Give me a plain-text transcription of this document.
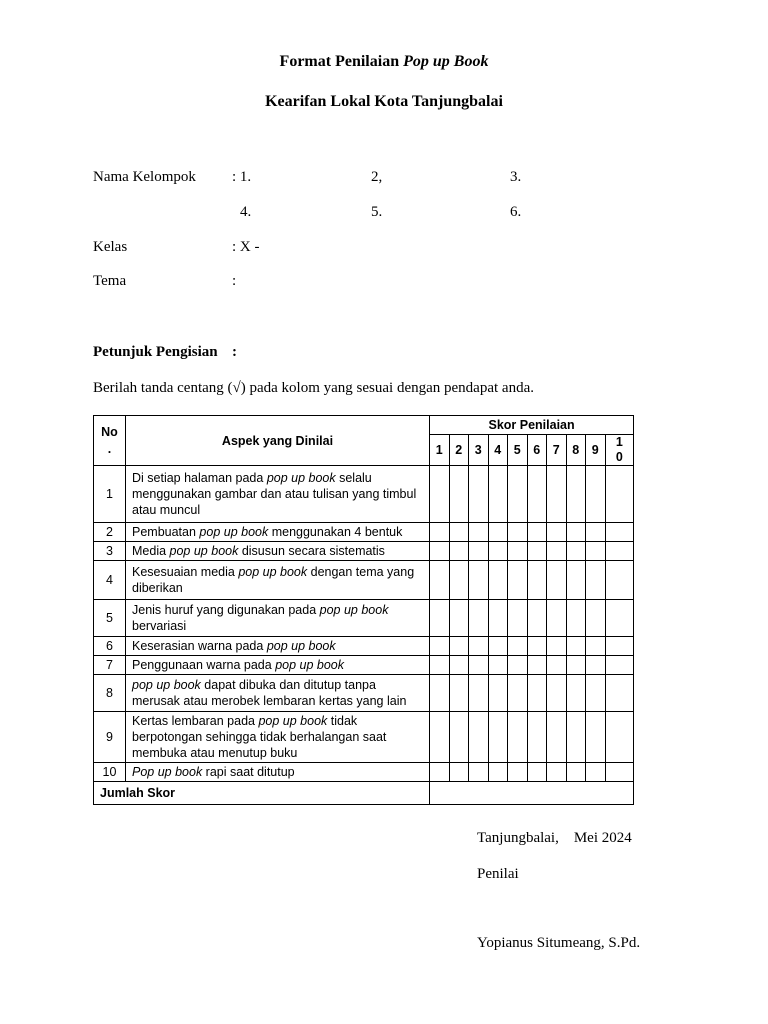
Format Penilaian Pop up Book
Kearifan Lokal Kota Tanjungbalai
Nama Kelompok : 1.	2,	3.
4.	5.	6.
Kelas	: X -
Tema	:
Petunjuk Pengisian :
Berilah tanda centang (√) pada kolom yang sesuai dengan pendapat anda.
No
.	Aspek yang Dinilai	Skor Penilaian									
		1	2	3	4	5	6	7	8	9	1
0
1	Di setiap halaman pada pop up book selalu menggunakan gambar dan atau tulisan yang timbul atau muncul										
2	Pembuatan pop up book menggunakan 4 bentuk										
3	Media pop up book disusun secara sistematis										
4	Kesesuaian media pop up book dengan tema yang diberikan										
5	Jenis huruf yang digunakan pada pop up book bervariasi										
6	Keserasian warna pada pop up book										
7	Penggunaan warna pada pop up book										
8	pop up book dapat dibuka dan ditutup tanpa merusak atau merobek lembaran kertas yang lain										
9	Kertas lembaran pada pop up book tidak berpotongan sehingga tidak berhalangan saat membuka atau menutup buku										
10	Pop up book rapi saat ditutup										
Jumlah Skor											
Tanjungbalai,    Mei 2024
Penilai
Yopianus Situmeang, S.Pd.
